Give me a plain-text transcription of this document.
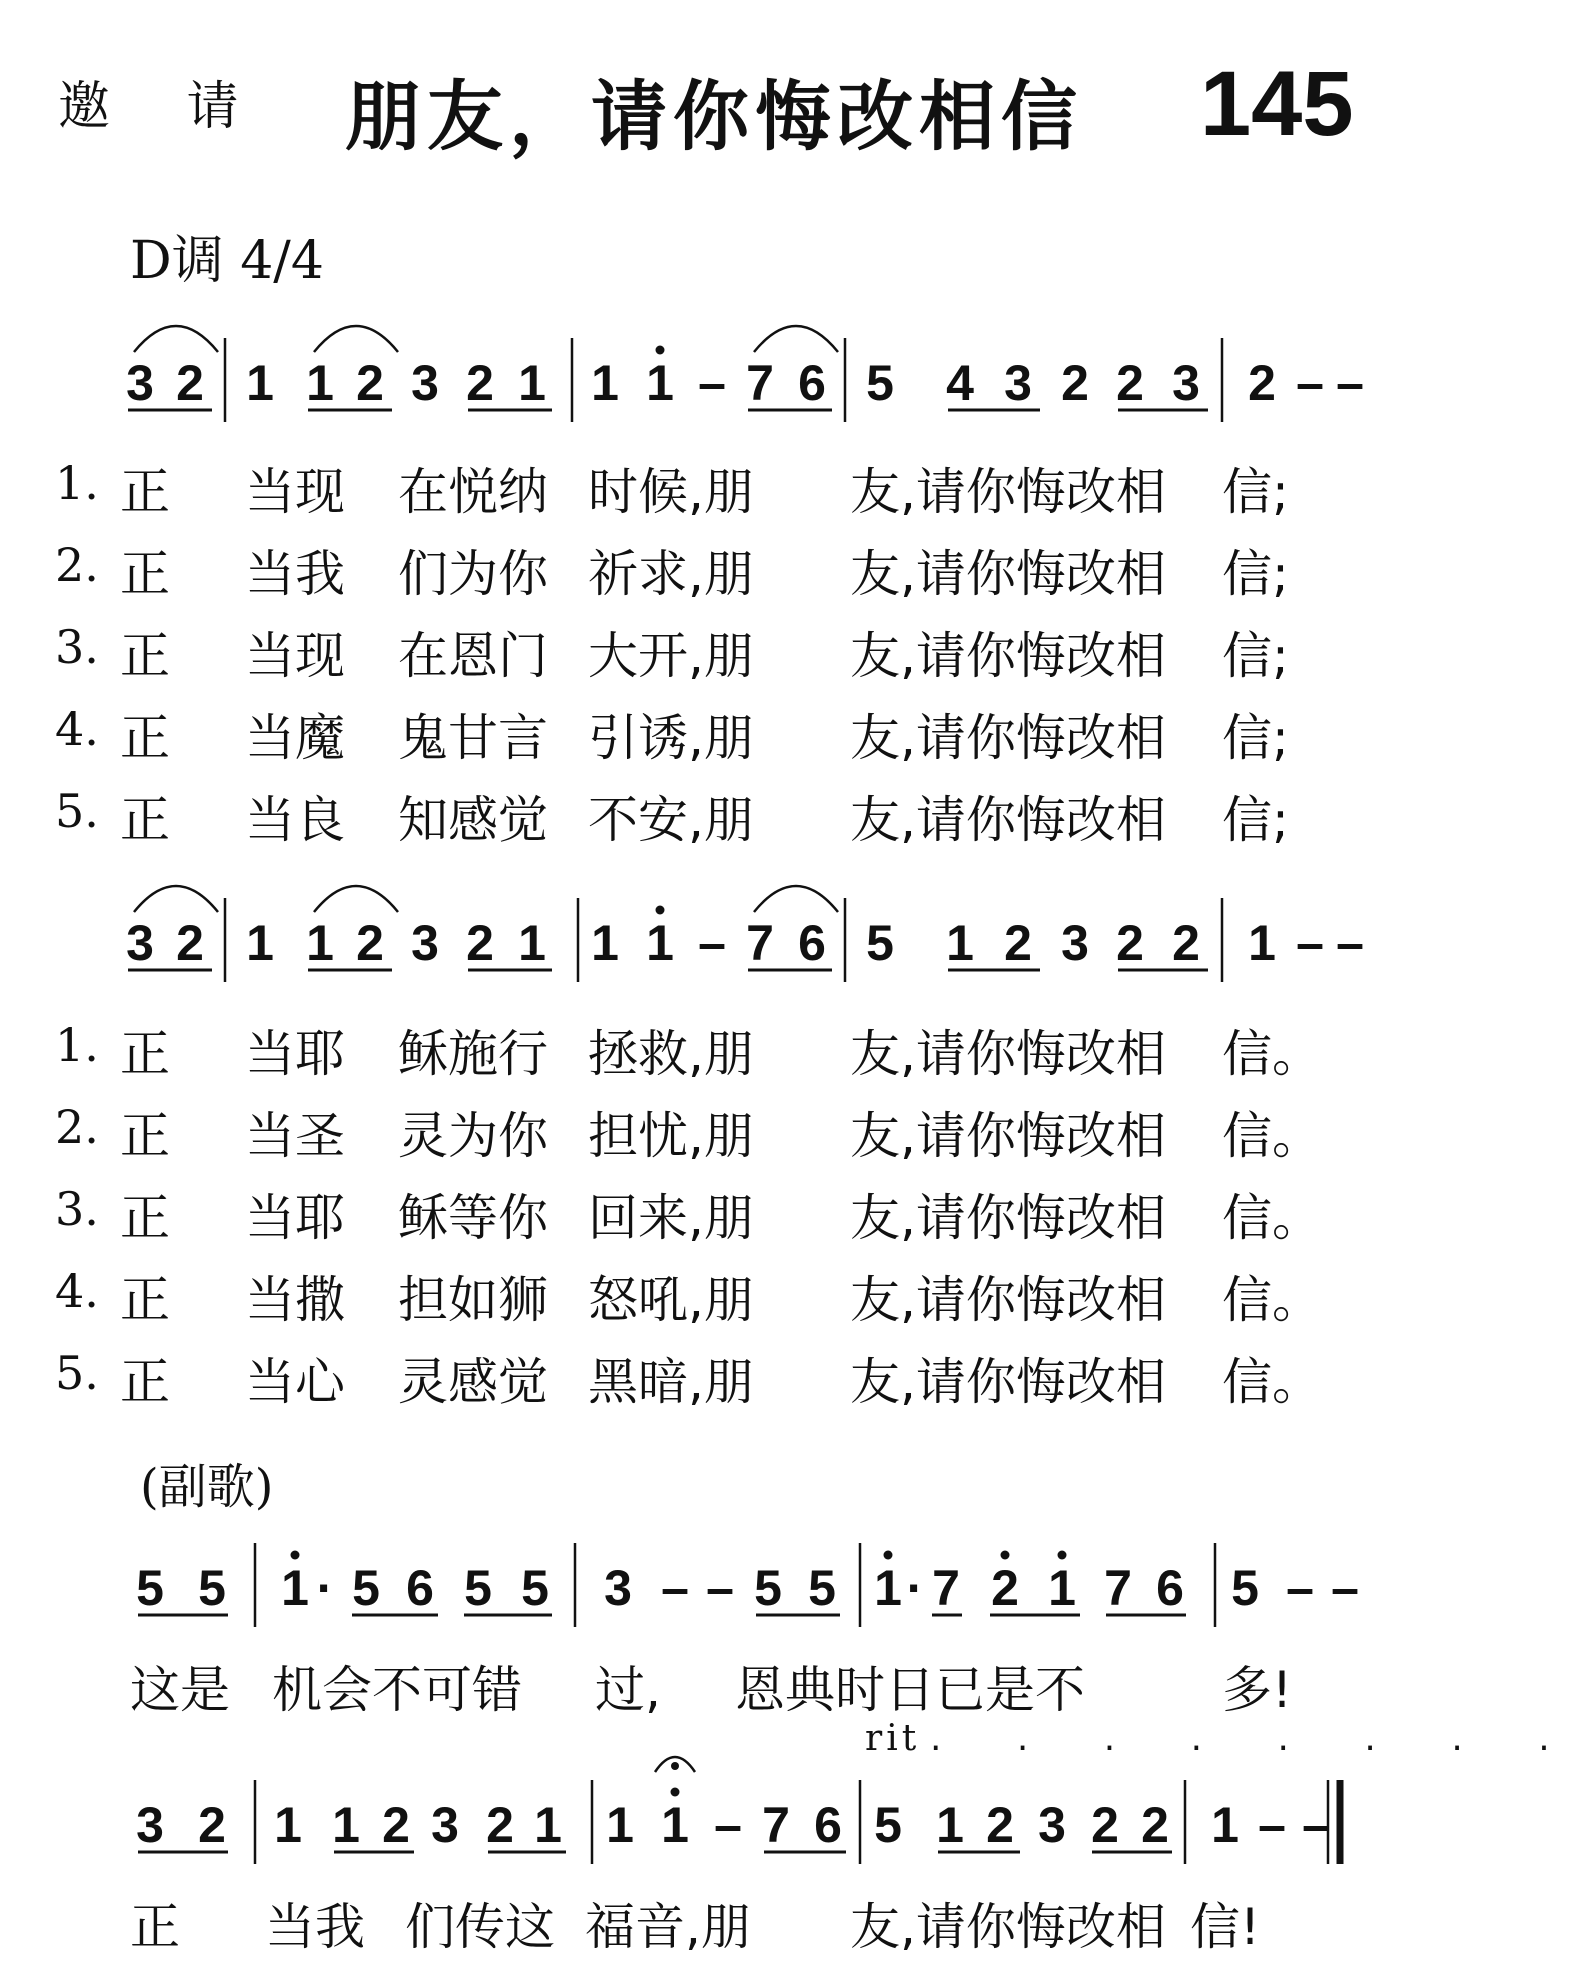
邀 请 朋友，请你悔改相信 145
D调 4/4
(副歌)
rit . . . . . . . .
3 2 1 1 2 3 2 1 1 1 – 7 6 5 4 3 2 2 3 2 – –
3 2 1 1 2 3 2 1 1 1 – 7 6 5 1 2 3 2 2 1 – –
5 5 1 · 5 6 5 5 3 – – 5 5 1 · 7 2 1 7 6 5 – –
3 2 1 1 2 3 2 1 1 1 – 7 6 5 1 2 3 2 2 1 – –
1. 正 当现 在悦纳 时候,朋 友,请你悔改相 信;
2. 正 当我 们为你 祈求,朋 友,请你悔改相 信;
3. 正 当现 在恩门 大开,朋 友,请你悔改相 信;
4. 正 当魔 鬼甘言 引诱,朋 友,请你悔改相 信;
5. 正 当良 知感觉 不安,朋 友,请你悔改相 信;
1. 正 当耶 稣施行 拯救,朋 友,请你悔改相 信。
2. 正 当圣 灵为你 担忧,朋 友,请你悔改相 信。
3. 正 当耶 稣等你 回来,朋 友,请你悔改相 信。
4. 正 当撒 担如狮 怒吼,朋 友,请你悔改相 信。
5. 正 当心 灵感觉 黑暗,朋 友,请你悔改相 信。
这是 机会不可错 过, 恩典时日已是不	多!
正 当我 们传这 福音,朋 友,请你悔改相 信!
